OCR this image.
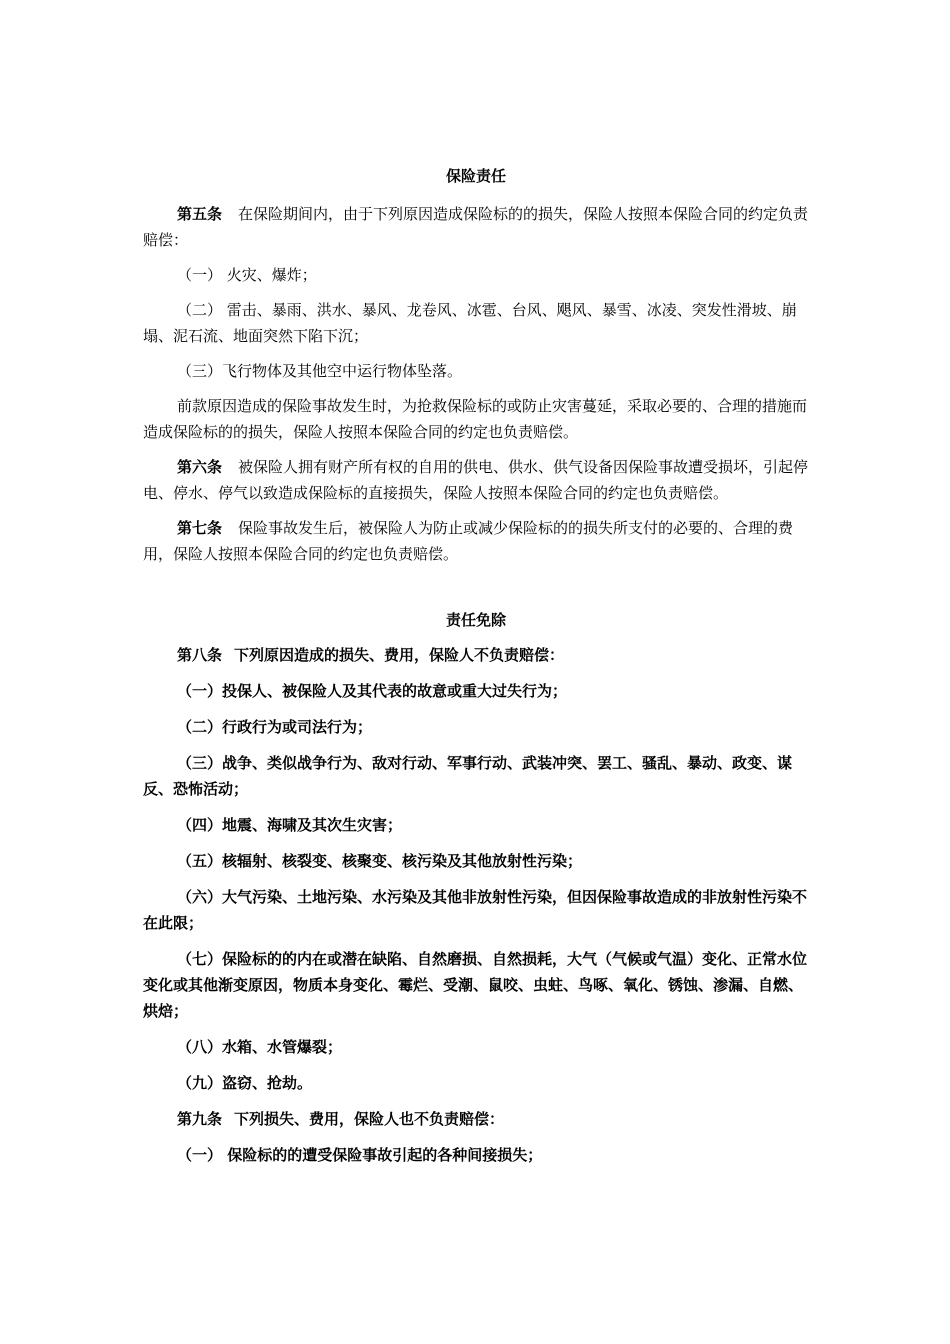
保险责任

第五条 在保险期间内，由于下列原因造成保险标的的损失，保险人按照本保险合同的约定负责赔偿：

（一） 火灾、爆炸；

（二） 雷击、暴雨、洪水、暴风、龙卷风、冰雹、台风、飓风、暴雪、冰凌、突发性滑坡、崩塌、泥石流、地面突然下陷下沉；

（三）飞行物体及其他空中运行物体坠落。

前款原因造成的保险事故发生时，为抢救保险标的或防止灾害蔓延，采取必要的、合理的措施而造成保险标的的损失，保险人按照本保险合同的约定也负责赔偿。

第六条 被保险人拥有财产所有权的自用的供电、供水、供气设备因保险事故遭受损坏，引起停电、停水、停气以致造成保险标的直接损失，保险人按照本保险合同的约定也负责赔偿。

第七条 保险事故发生后，被保险人为防止或减少保险标的的损失所支付的必要的、合理的费用，保险人按照本保险合同的约定也负责赔偿。

责任免除

第八条 下列原因造成的损失、费用，保险人不负责赔偿：

（一）投保人、被保险人及其代表的故意或重大过失行为；

（二）行政行为或司法行为；

（三）战争、类似战争行为、敌对行动、军事行动、武装冲突、罢工、骚乱、暴动、政变、谋反、恐怖活动；

（四）地震、海啸及其次生灾害；

（五）核辐射、核裂变、核聚变、核污染及其他放射性污染；

（六）大气污染、土地污染、水污染及其他非放射性污染，但因保险事故造成的非放射性污染不在此限；

（七）保险标的的内在或潜在缺陷、自然磨损、自然损耗，大气（气候或气温）变化、正常水位变化或其他渐变原因，物质本身变化、霉烂、受潮、鼠咬、虫蛀、鸟啄、氧化、锈蚀、渗漏、自燃、烘焙；

（八）水箱、水管爆裂；

（九）盗窃、抢劫。

第九条 下列损失、费用，保险人也不负责赔偿：

（一） 保险标的的遭受保险事故引起的各种间接损失；
